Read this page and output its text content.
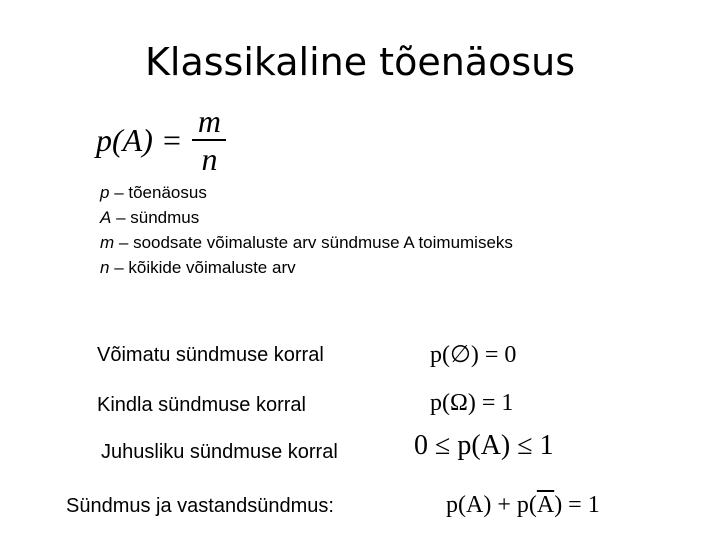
Klassikaline tõenäosus
$p(A) = \frac{m}{n}$
p – tõenäosus
A – sündmus
m – soodsate võimaluste arv sündmuse A toimumiseks
n – kõikide võimaluste arv
Võimatu sündmuse korral	p(∅) = 0
Kindla sündmuse korral	p(Ω) = 1
Juhusliku sündmuse korral	0 ≤ p(A) ≤ 1
Sündmus ja vastandsündmus:	$p(A) + p(\overline{A}) = 1$
